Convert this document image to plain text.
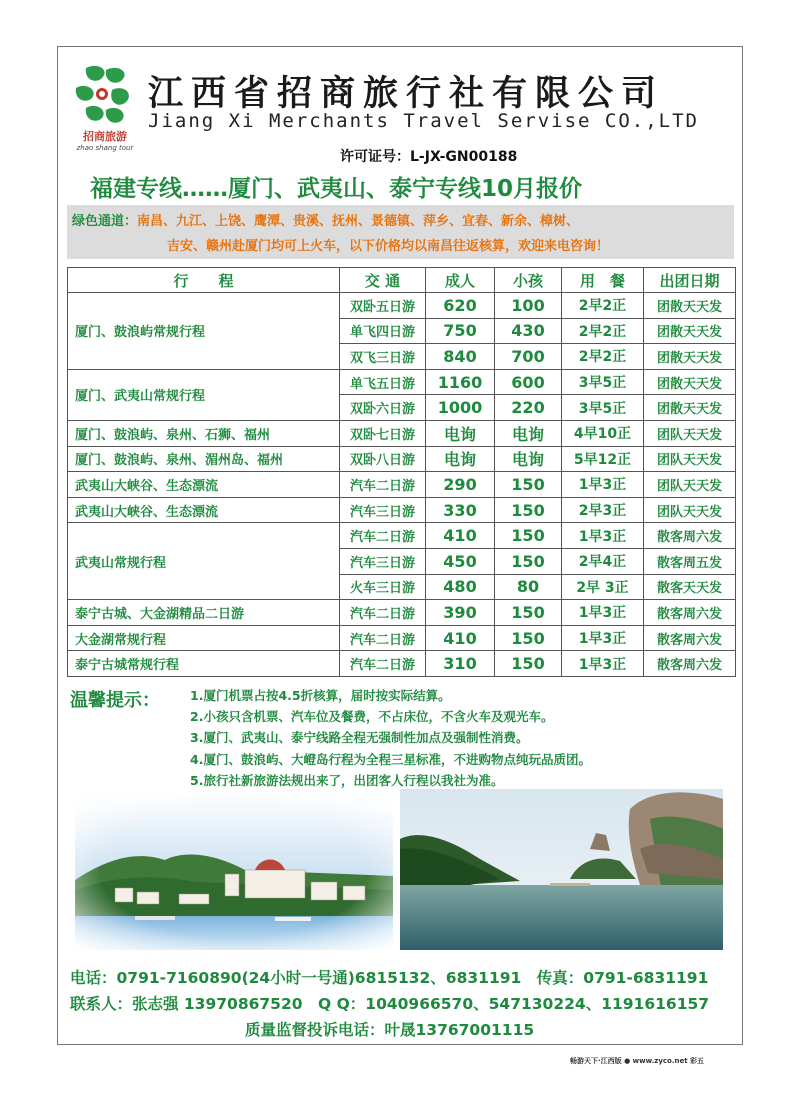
招商旅游
zhao shang tour
江西省招商旅行社有限公司
Jiang Xi Merchants Travel Servise CO.,LTD
许可证号：L-JX-GN00188
福建专线……厦门、武夷山、泰宁专线10月报价
绿色通道：南昌、九江、上饶、鹰潭、贵溪、抚州、景德镇、萍乡、宜春、新余、樟树、
吉安、赣州赴厦门均可上火车，以下价格均以南昌往返核算，欢迎来电咨询！
行　　程	交 通	成人	小孩	用　餐	出团日期
厦门、鼓浪屿常规行程	双卧五日游	620	100	2早2正	团散天天发
	单飞四日游	750	430	2早2正	团散天天发
	双飞三日游	840	700	2早2正	团散天天发
厦门、武夷山常规行程	单飞五日游	1160	600	3早5正	团散天天发
	双卧六日游	1000	220	3早5正	团散天天发
厦门、鼓浪屿、泉州、石狮、福州	双卧七日游	电询	电询	4早10正	团队天天发
厦门、鼓浪屿、泉州、湄州岛、福州	双卧八日游	电询	电询	5早12正	团队天天发
武夷山大峡谷、生态漂流	汽车二日游	290	150	1早3正	团队天天发
武夷山大峡谷、生态漂流	汽车三日游	330	150	2早3正	团队天天发
武夷山常规行程	汽车二日游	410	150	1早3正	散客周六发
	汽车三日游	450	150	2早4正	散客周五发
	火车三日游	480	80	2早 3正	散客天天发
泰宁古城、大金湖精品二日游	汽车二日游	390	150	1早3正	散客周六发
大金湖常规行程	汽车二日游	410	150	1早3正	散客周六发
泰宁古城常规行程	汽车二日游	310	150	1早3正	散客周六发
温馨提示： 1.厦门机票占按4.5折核算，届时按实际结算。
2.小孩只含机票、汽车位及餐费，不占床位，不含火车及观光车。
3.厦门、武夷山、泰宁线路全程无强制性加点及强制性消费。
4.厦门、鼓浪屿、大嶝岛行程为全程三星标准，不进购物点纯玩品质团。
5.旅行社新旅游法规出来了，出团客人行程以我社为准。
电话：0791-7160890(24小时一号通)6815132、6831191　传真：0791-6831191
联系人：张志强 13970867520　Q Q：1040966570、547130224、1191616157
质量监督投诉电话：叶晟13767001115
畅游天下·江西版 ● www.zyco.net 彩五
